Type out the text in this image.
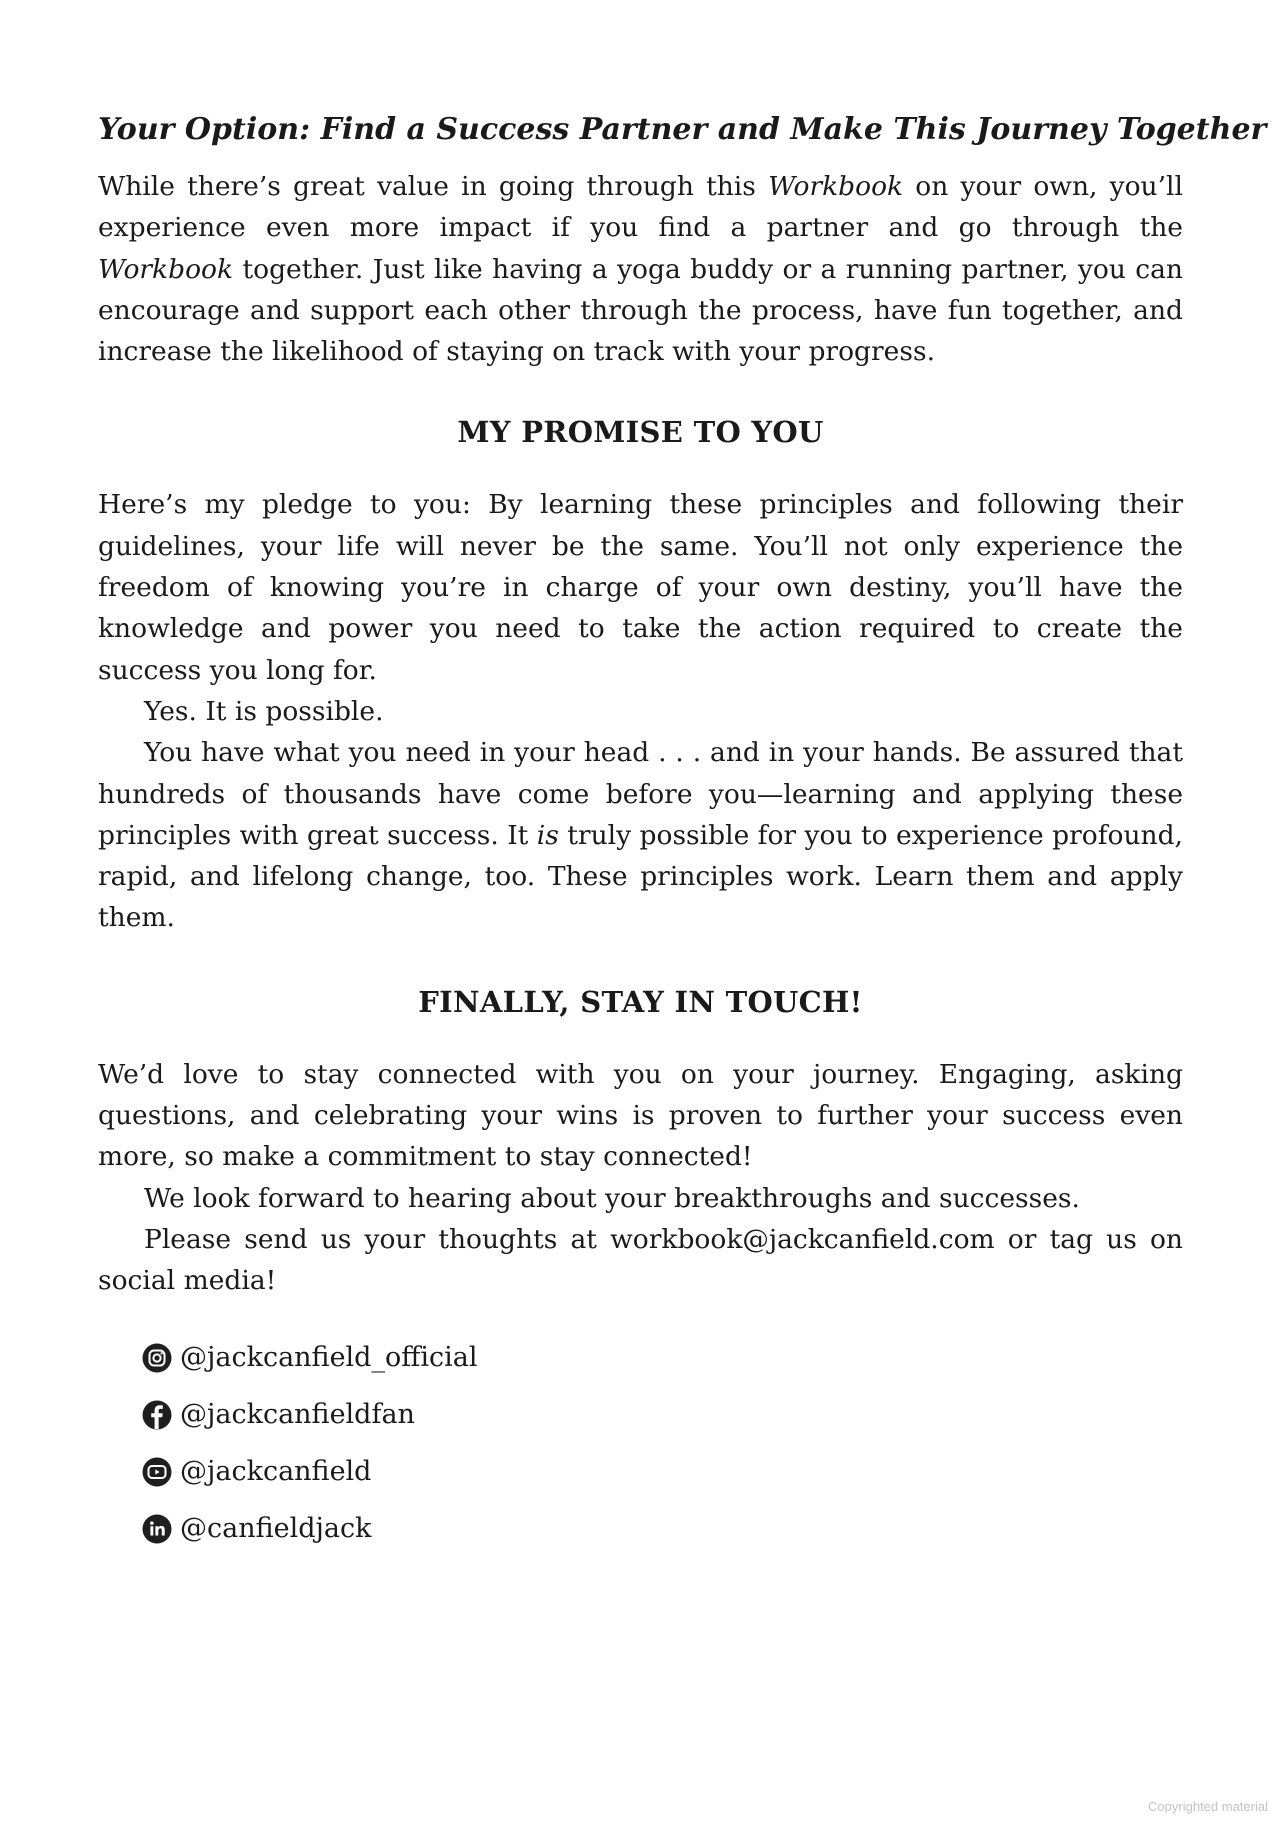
Your Option: Find a Success Partner and Make This Journey Together

While there’s great value in going through this Workbook on your own, you’ll experience even more impact if you find a partner and go through the Workbook together. Just like having a yoga buddy or a running partner, you can encourage and support each other through the process, have fun together, and increase the likelihood of staying on track with your progress.

MY PROMISE TO YOU

Here’s my pledge to you: By learning these principles and following their guidelines, your life will never be the same. You’ll not only experience the freedom of knowing you’re in charge of your own destiny, you’ll have the knowledge and power you need to take the action required to create the success you long for.

Yes. It is possible.

You have what you need in your head . . . and in your hands. Be assured that hundreds of thousands have come before you—learning and applying these principles with great success. It is truly possible for you to experience profound, rapid, and lifelong change, too. These principles work. Learn them and apply them.

FINALLY, STAY IN TOUCH!

We’d love to stay connected with you on your journey. Engaging, asking questions, and celebrating your wins is proven to further your success even more, so make a commitment to stay connected!

We look forward to hearing about your breakthroughs and successes.

Please send us your thoughts at workbook@jackcanfield.com or tag us on social media!

@jackcanfield_official
@jackcanfieldfan
@jackcanfield
@canfieldjack
Copyrighted material
